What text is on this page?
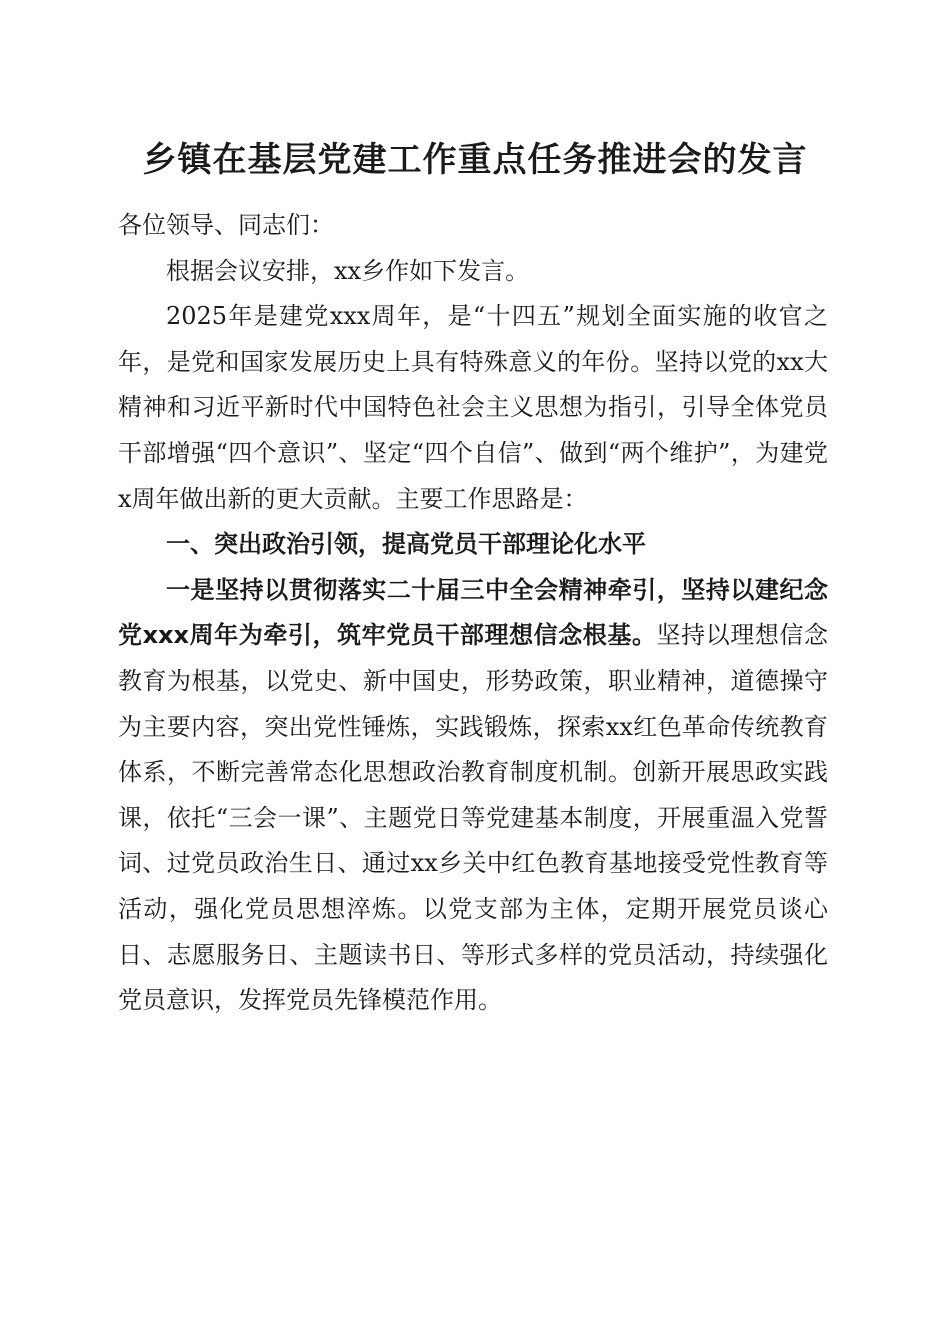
乡镇在基层党建工作重点任务推进会的发言

各位领导、同志们：

根据会议安排，xx乡作如下发言。

2025年是建党xxx周年，是“十四五”规划全面实施的收官之年，是党和国家发展历史上具有特殊意义的年份。坚持以党的xx大精神和习近平新时代中国特色社会主义思想为指引，引导全体党员干部增强“四个意识”、坚定“四个自信”、做到“两个维护”，为建党x周年做出新的更大贡献。主要工作思路是：

一、突出政治引领，提高党员干部理论化水平

一是坚持以贯彻落实二十届三中全会精神牵引，坚持以建纪念党xxx周年为牵引，筑牢党员干部理想信念根基。坚持以理想信念教育为根基，以党史、新中国史，形势政策，职业精神，道德操守为主要内容，突出党性锤炼，实践锻炼，探索xx红色革命传统教育体系，不断完善常态化思想政治教育制度机制。创新开展思政实践课，依托“三会一课”、主题党日等党建基本制度，开展重温入党誓词、过党员政治生日、通过xx乡关中红色教育基地接受党性教育等活动，强化党员思想淬炼。以党支部为主体，定期开展党员谈心日、志愿服务日、主题读书日、等形式多样的党员活动，持续强化党员意识，发挥党员先锋模范作用。
